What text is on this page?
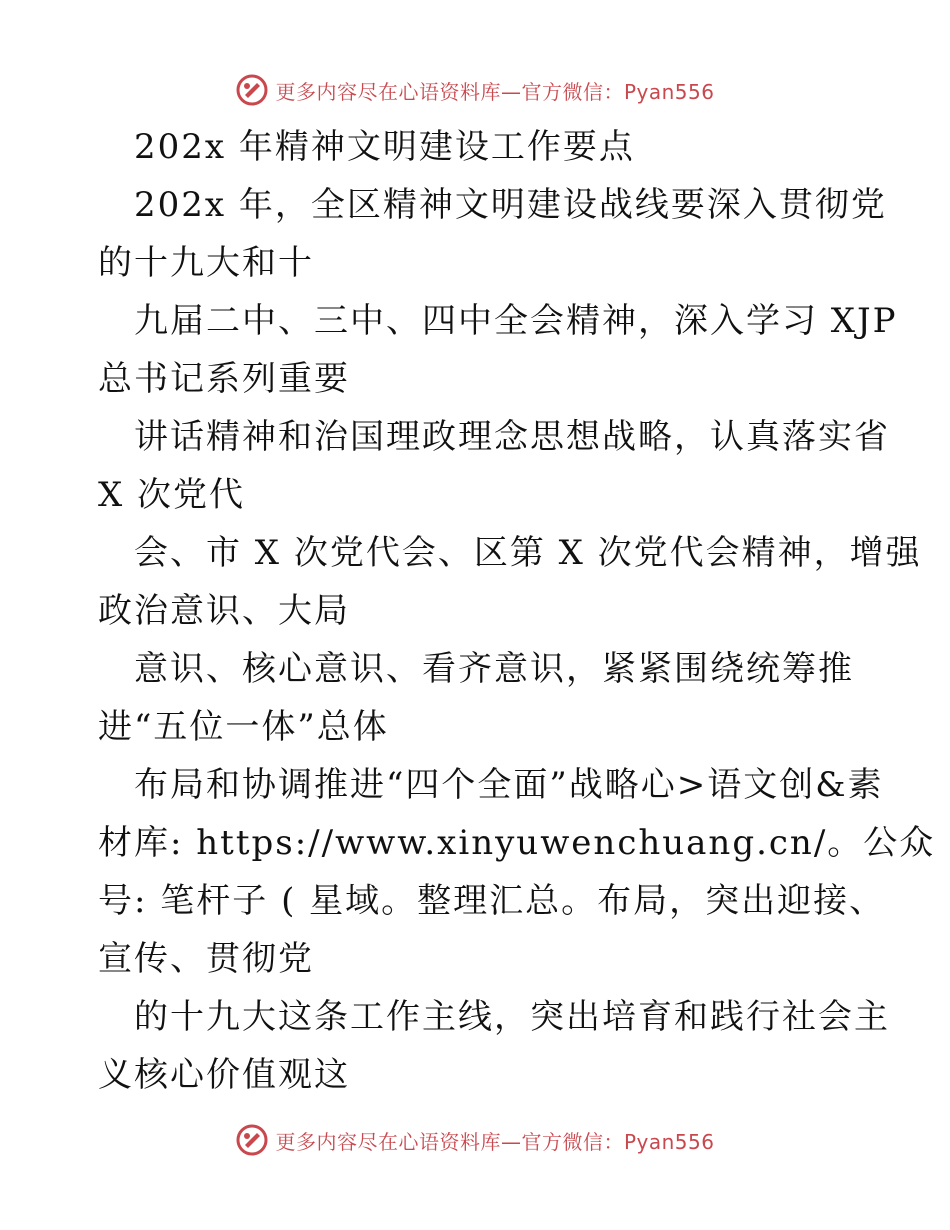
更多内容尽在心语资料库—官方微信：Pyan556
202x 年精神文明建设工作要点
202x 年，全区精神文明建设战线要深入贯彻党
的十九大和十
九届二中、三中、四中全会精神，深入学习 XJP
总书记系列重要
讲话精神和治国理政理念思想战略，认真落实省
X 次党代
会、市 X 次党代会、区第 X 次党代会精神，增强
政治意识、大局
意识、核心意识、看齐意识，紧紧围绕统筹推
进“五位一体”总体
布局和协调推进“四个全面”战略心>语文创&素
材库: https://www.xinyuwenchuang.cn/。公众
号: 笔杆子 ( 星域。整理汇总。布局，突出迎接、
宣传、贯彻党
的十九大这条工作主线，突出培育和践行社会主
义核心价值观这
更多内容尽在心语资料库—官方微信：Pyan556
